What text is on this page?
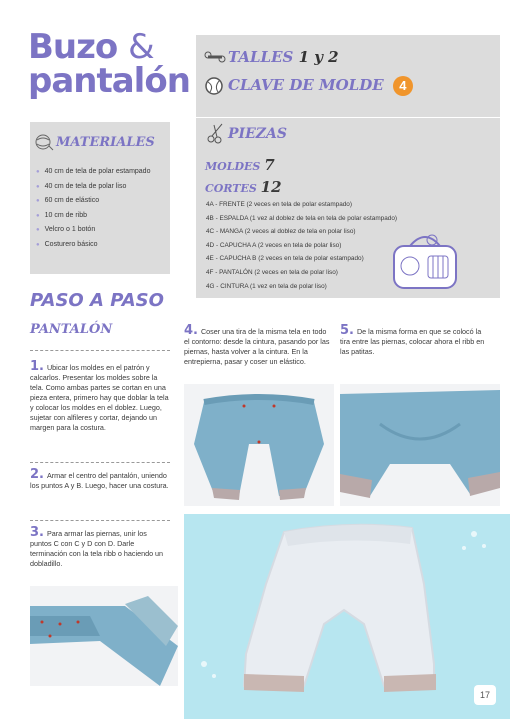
Buzo &
pantalón
TALLES 1 y 2
CLAVE DE MOLDE 4
MATERIALES
● 40 cm de tela de polar estampado
● 40 cm de tela de polar liso
● 60 cm de elástico
● 10 cm de ribb
● Velcro o 1 botón
● Costurero básico
PIEZAS
MOLDES 7
CORTES 12
4A - FRENTE (2 veces en tela de polar estampado)
4B - ESPALDA (1 vez al doblez de tela en tela de polar estampado)
4C - MANGA (2 veces al doblez de tela en polar liso)
4D - CAPUCHA A (2 veces en tela de polar liso)
4E - CAPUCHA B (2 veces en tela de polar estampado)
4F - PANTALÓN (2 veces en tela de polar liso)
4G - CINTURA (1 vez en tela de polar liso)
PASO A PASO
PANTALÓN
1. Ubicar los moldes en el patrón y calcarlos. Presentar los moldes sobre la tela. Como ambas partes se cortan en una pieza entera, primero hay que doblar la tela y colocar los moldes en el doblez. Luego, sujetar con alfileres y cortar, dejando un margen para la costura.
2. Armar el centro del pantalón, uniendo los puntos A y B. Luego, hacer una costura.
3. Para armar las piernas, unir los puntos C con C y D con D. Darle terminación con la tela ribb o haciendo un dobladillo.
4. Coser una tira de la misma tela en todo el contorno: desde la cintura, pasando por las piernas, hasta volver a la cintura. En la entrepierna, pasar y coser un elástico.
5. De la misma forma en que se colocó la tira entre las piernas, colocar ahora el ribb en las patitas.
17
